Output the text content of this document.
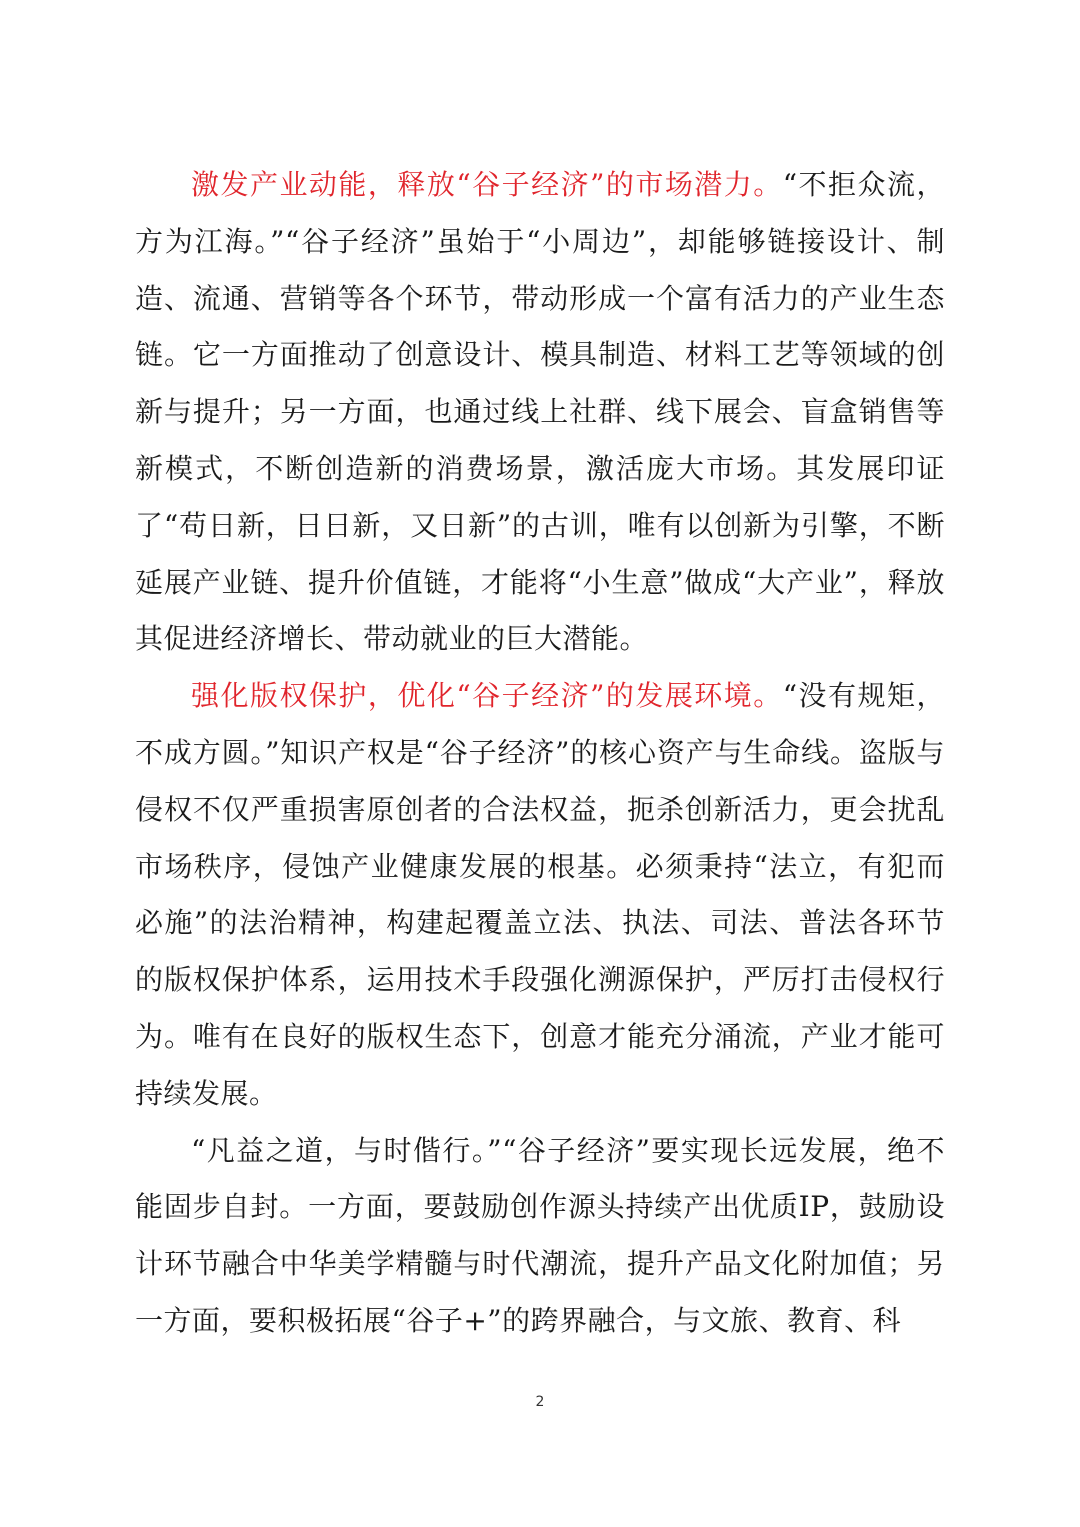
激发产业动能，释放“谷子经济”的市场潜力。“不拒众流，方为江海。”“谷子经济”虽始于“小周边”，却能够链接设计、制造、流通、营销等各个环节，带动形成一个富有活力的产业生态链。它一方面推动了创意设计、模具制造、材料工艺等领域的创新与提升；另一方面，也通过线上社群、线下展会、盲盒销售等新模式，不断创造新的消费场景，激活庞大市场。其发展印证了“苟日新，日日新，又日新”的古训，唯有以创新为引擎，不断延展产业链、提升价值链，才能将“小生意”做成“大产业”，释放其促进经济增长、带动就业的巨大潜能。

强化版权保护，优化“谷子经济”的发展环境。“没有规矩，不成方圆。”知识产权是“谷子经济”的核心资产与生命线。盗版与侵权不仅严重损害原创者的合法权益，扼杀创新活力，更会扰乱市场秩序，侵蚀产业健康发展的根基。必须秉持“法立，有犯而必施”的法治精神，构建起覆盖立法、执法、司法、普法各环节的版权保护体系，运用技术手段强化溯源保护，严厉打击侵权行为。唯有在良好的版权生态下，创意才能充分涌流，产业才能可持续发展。

“凡益之道，与时偕行。”“谷子经济”要实现长远发展，绝不能固步自封。一方面，要鼓励创作源头持续产出优质IP，鼓励设计环节融合中华美学精髓与时代潮流，提升产品文化附加值；另一方面，要积极拓展“谷子+”的跨界融合，与文旅、教育、科

2
